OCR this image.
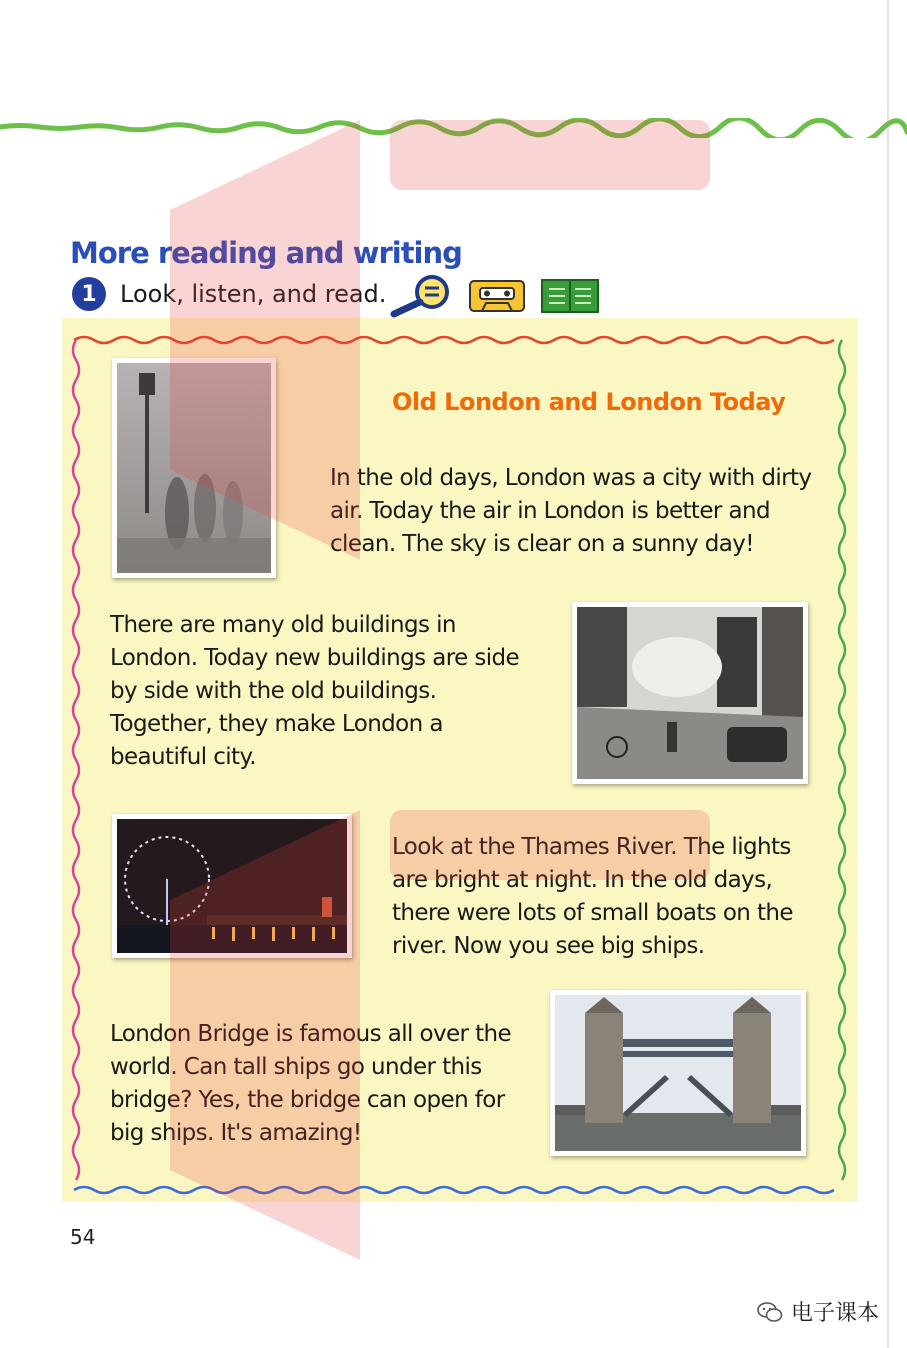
More reading and writing
1 Look, listen, and read.
Old London and London Today
In the old days, London was a city with dirty air. Today the air in London is better and clean. The sky is clear on a sunny day!
There are many old buildings in London. Today new buildings are side by side with the old buildings. Together, they make London a beautiful city.
Look at the Thames River. The lights are bright at night. In the old days, there were lots of small boats on the river. Now you see big ships.
London Bridge is famous all over the world. Can tall ships go under this bridge? Yes, the bridge can open for big ships. It's amazing!
54
电子课本
